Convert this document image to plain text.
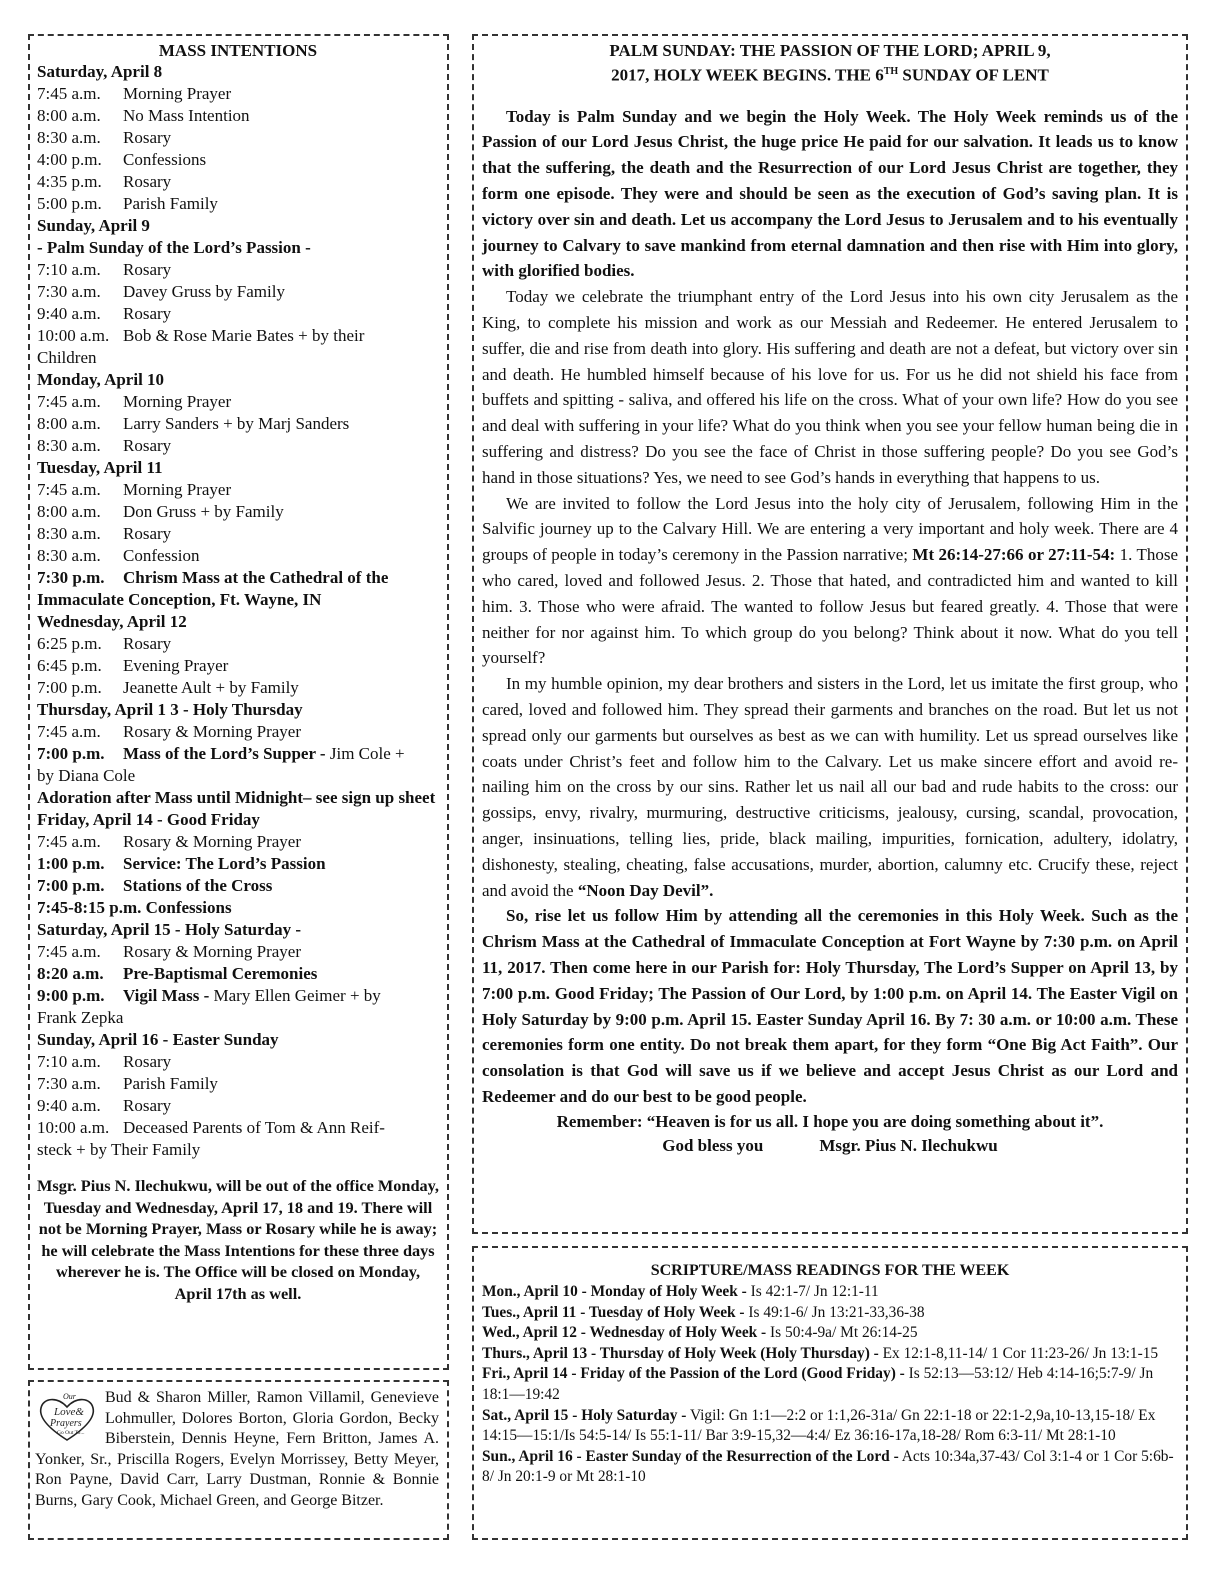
MASS INTENTIONS
Saturday, April 8
7:45 a.m. Morning Prayer
8:00 a.m. No Mass Intention
8:30 a.m. Rosary
4:00 p.m. Confessions
4:35 p.m. Rosary
5:00 p.m. Parish Family
Sunday, April 9
- Palm Sunday of the Lord’s Passion -
7:10 a.m. Rosary
7:30 a.m. Davey Gruss by Family
9:40 a.m. Rosary
10:00 a.m. Bob & Rose Marie Bates + by their
Children
Monday, April 10
7:45 a.m. Morning Prayer
8:00 a.m. Larry Sanders + by Marj Sanders
8:30 a.m. Rosary
Tuesday, April 11
7:45 a.m. Morning Prayer
8:00 a.m. Don Gruss + by Family
8:30 a.m. Rosary
8:30 a.m. Confession
7:30 p.m. Chrism Mass at the Cathedral of the
Immaculate Conception, Ft. Wayne, IN
Wednesday, April 12
6:25 p.m. Rosary
6:45 p.m. Evening Prayer
7:00 p.m. Jeanette Ault + by Family
Thursday, April 1 3 - Holy Thursday
7:45 a.m. Rosary & Morning Prayer
7:00 p.m. Mass of the Lord’s Supper - Jim Cole +
by Diana Cole
Adoration after Mass until Midnight– see sign up sheet
Friday, April 14 - Good Friday
7:45 a.m. Rosary & Morning Prayer
1:00 p.m. Service: The Lord’s Passion
7:00 p.m. Stations of the Cross
7:45-8:15 p.m. Confessions
Saturday, April 15 - Holy Saturday -
7:45 a.m. Rosary & Morning Prayer
8:20 a.m. Pre-Baptismal Ceremonies
9:00 p.m. Vigil Mass - Mary Ellen Geimer + by
Frank Zepka
Sunday, April 16 - Easter Sunday
7:10 a.m. Rosary
7:30 a.m. Parish Family
9:40 a.m. Rosary
10:00 a.m. Deceased Parents of Tom & Ann Reif-
steck + by Their Family
Msgr. Pius N. Ilechukwu, will be out of the office Monday, Tuesday and Wednesday, April 17, 18 and 19. There will not be Morning Prayer, Mass or Rosary while he is away; he will celebrate the Mass Intentions for these three days wherever he is. The Office will be closed on Monday, April 17th as well.
Our
Love&
Prayers
Go Out To...
Bud & Sharon Miller, Ramon Villamil, Genevieve Lohmuller, Dolores Borton, Gloria Gordon, Becky Biberstein, Dennis Heyne, Fern Britton, James A. Yonker, Sr., Priscilla Rogers, Evelyn Morrissey, Betty Meyer, Ron Payne, David Carr, Larry Dustman, Ronnie & Bonnie Burns, Gary Cook, Michael Green, and George Bitzer.
PALM SUNDAY: THE PASSION OF THE LORD; APRIL 9,
2017, HOLY WEEK BEGINS. THE 6TH SUNDAY OF LENT

Today is Palm Sunday and we begin the Holy Week. The Holy Week reminds us of the Passion of our Lord Jesus Christ, the huge price He paid for our salvation. It leads us to know that the suffering, the death and the Resurrection of our Lord Jesus Christ are together, they form one episode. They were and should be seen as the execution of God’s saving plan. It is victory over sin and death. Let us accompany the Lord Jesus to Jerusalem and to his eventually journey to Calvary to save mankind from eternal damnation and then rise with Him into glory, with glorified bodies.

Today we celebrate the triumphant entry of the Lord Jesus into his own city Jerusalem as the King, to complete his mission and work as our Messiah and Redeemer. He entered Jerusalem to suffer, die and rise from death into glory. His suffering and death are not a defeat, but victory over sin and death. He humbled himself because of his love for us. For us he did not shield his face from buffets and spitting - saliva, and offered his life on the cross. What of your own life? How do you see and deal with suffering in your life? What do you think when you see your fellow human being die in suffering and distress? Do you see the face of Christ in those suffering people? Do you see God’s hand in those situations? Yes, we need to see God’s hands in everything that happens to us.

We are invited to follow the Lord Jesus into the holy city of Jerusalem, following Him in the Salvific journey up to the Calvary Hill. We are entering a very important and holy week. There are 4 groups of people in today’s ceremony in the Passion narrative; Mt 26:14-27:66 or 27:11-54: 1. Those who cared, loved and followed Jesus. 2. Those that hated, and contradicted him and wanted to kill him. 3. Those who were afraid. The wanted to follow Jesus but feared greatly. 4. Those that were neither for nor against him. To which group do you belong? Think about it now. What do you tell yourself?

In my humble opinion, my dear brothers and sisters in the Lord, let us imitate the first group, who cared, loved and followed him. They spread their garments and branches on the road. But let us not spread only our garments but ourselves as best as we can with humility. Let us spread ourselves like coats under Christ’s feet and follow him to the Calvary. Let us make sincere effort and avoid re-nailing him on the cross by our sins. Rather let us nail all our bad and rude habits to the cross: our gossips, envy, rivalry, murmuring, destructive criticisms, jealousy, cursing, scandal, provocation, anger, insinuations, telling lies, pride, black mailing, impurities, fornication, adultery, idolatry, dishonesty, stealing, cheating, false accusations, murder, abortion, calumny etc. Crucify these, reject and avoid the “Noon Day Devil”.

So, rise let us follow Him by attending all the ceremonies in this Holy Week. Such as the Chrism Mass at the Cathedral of Immaculate Conception at Fort Wayne by 7:30 p.m. on April 11, 2017. Then come here in our Parish for: Holy Thursday, The Lord’s Supper on April 13, by 7:00 p.m. Good Friday; The Passion of Our Lord, by 1:00 p.m. on April 14. The Easter Vigil on Holy Saturday by 9:00 p.m. April 15. Easter Sunday April 16. By 7: 30 a.m. or 10:00 a.m. These ceremonies form one entity. Do not break them apart, for they form “One Big Act Faith”. Our consolation is that God will save us if we believe and accept Jesus Christ as our Lord and Redeemer and do our best to be good people.

Remember: “Heaven is for us all. I hope you are doing something about it”.
God bless you	Msgr. Pius N. Ilechukwu
SCRIPTURE/MASS READINGS FOR THE WEEK
Mon., April 10 - Monday of Holy Week - Is 42:1-7/ Jn 12:1-11
Tues., April 11 - Tuesday of Holy Week - Is 49:1-6/ Jn 13:21-33,36-38
Wed., April 12 - Wednesday of Holy Week - Is 50:4-9a/ Mt 26:14-25
Thurs., April 13 - Thursday of Holy Week (Holy Thursday) - Ex 12:1-8,11-14/ 1 Cor 11:23-26/ Jn 13:1-15
Fri., April 14 - Friday of the Passion of the Lord (Good Friday) - Is 52:13—53:12/ Heb 4:14-16;5:7-9/ Jn 18:1—19:42
Sat., April 15 - Holy Saturday - Vigil: Gn 1:1—2:2 or 1:1,26-31a/ Gn 22:1-18 or 22:1-2,9a,10-13,15-18/ Ex 14:15—15:1/Is 54:5-14/ Is 55:1-11/ Bar 3:9-15,32—4:4/ Ez 36:16-17a,18-28/ Rom 6:3-11/ Mt 28:1-10
Sun., April 16 - Easter Sunday of the Resurrection of the Lord - Acts 10:34a,37-43/ Col 3:1-4 or 1 Cor 5:6b-8/ Jn 20:1-9 or Mt 28:1-10
